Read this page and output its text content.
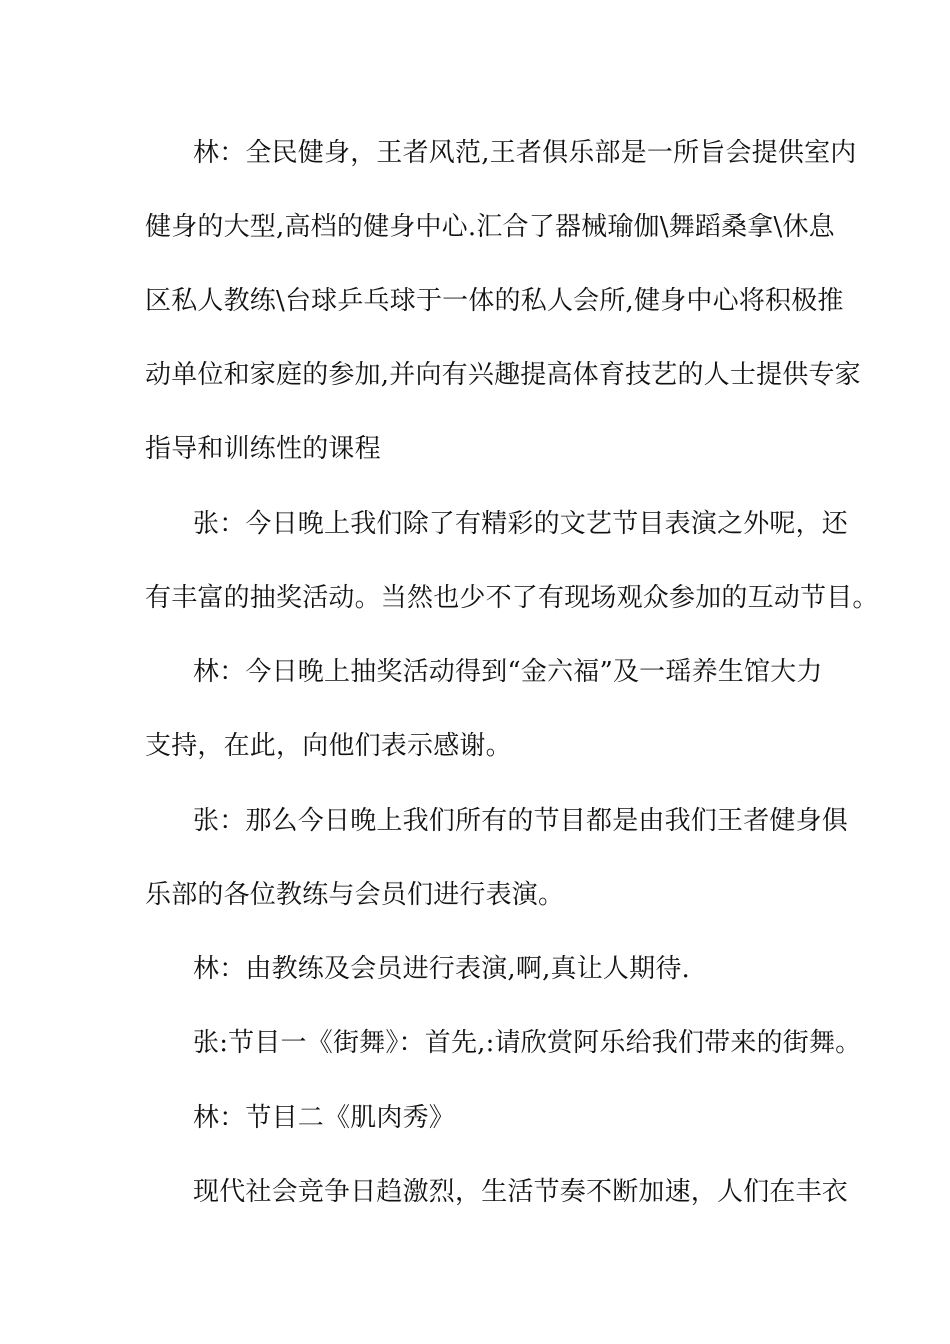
林：全民健身，王者风范,王者俱乐部是一所旨会提供室内
健身的大型,高档的健身中心.汇合了器械瑜伽\舞蹈桑拿\休息
区私人教练\台球乒乓球于一体的私人会所,健身中心将积极推
动单位和家庭的参加,并向有兴趣提高体育技艺的人士提供专家
指导和训练性的课程
张：今日晚上我们除了有精彩的文艺节目表演之外呢，还
有丰富的抽奖活动。当然也少不了有现场观众参加的互动节目。
林：今日晚上抽奖活动得到“金六福”及一瑶养生馆大力
支持，在此，向他们表示感谢。
张：那么今日晚上我们所有的节目都是由我们王者健身俱
乐部的各位教练与会员们进行表演。
林：由教练及会员进行表演,啊,真让人期待.
张:节目一《街舞》：首先,:请欣赏阿乐给我们带来的街舞。
林：节目二《肌肉秀》
现代社会竞争日趋激烈，生活节奏不断加速，人们在丰衣
